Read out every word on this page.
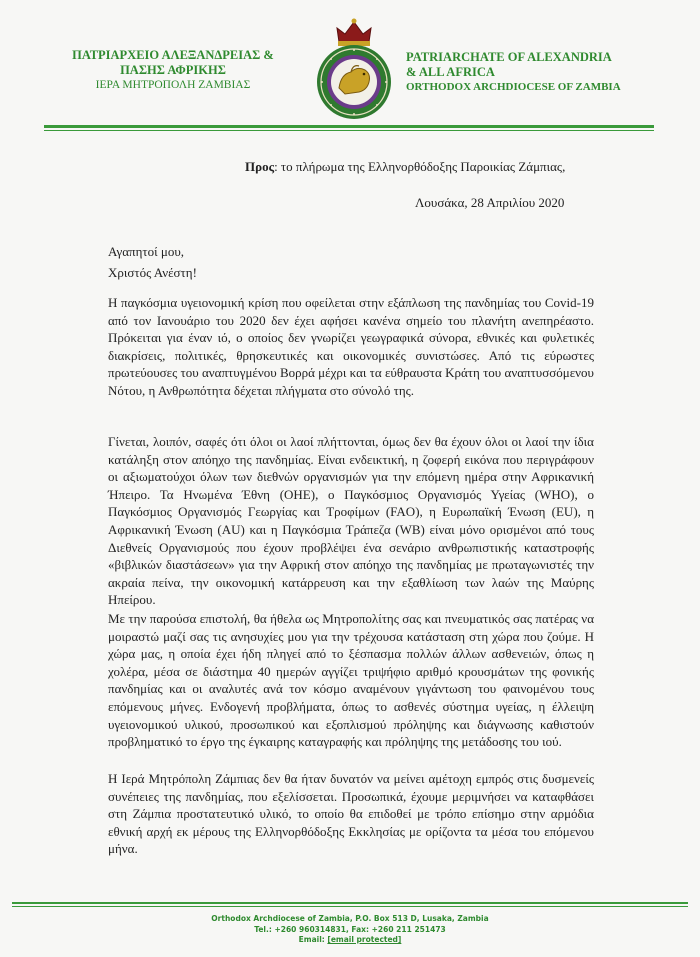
ΠΑΤΡΙΑΡΧΕΙΟ ΑΛΕΞΑΝΔΡΕΙΑΣ &
ΠΑΣΗΣ ΑΦΡΙΚΗΣ
ΙΕΡΑ ΜΗΤΡΟΠΟΛΗ ΖΑΜΒΙΑΣ
PATRIARCHATE OF ALEXANDRIA
& ALL AFRICA
ORTHODOX ARCHDIOCESE OF ZAMBIA
Προς: το πλήρωμα της Ελληνορθόδοξης Παροικίας Ζάμπιας,
Λουσάκα, 28 Απριλίου 2020
Αγαπητοί μου,
Χριστός Ανέστη!
Η παγκόσμια υγειονομική κρίση που οφείλεται στην εξάπλωση της πανδημίας του Covid-19 από τον Ιανουάριο του 2020 δεν έχει αφήσει κανένα σημείο του πλανήτη ανεπηρέαστο. Πρόκειται για έναν ιό, ο οποίος δεν γνωρίζει γεωγραφικά σύνορα, εθνικές και φυλετικές διακρίσεις, πολιτικές, θρησκευτικές και οικονομικές συνιστώσες. Από τις εύρωστες πρωτεύουσες του αναπτυγμένου Βορρά μέχρι και τα εύθραυστα Κράτη του αναπτυσσόμενου Νότου, η Ανθρωπότητα δέχεται πλήγματα στο σύνολό της.
Γίνεται, λοιπόν, σαφές ότι όλοι οι λαοί πλήττονται, όμως δεν θα έχουν όλοι οι λαοί την ίδια κατάληξη στον απόηχο της πανδημίας. Είναι ενδεικτική, η ζοφερή εικόνα που περιγράφουν οι αξιωματούχοι όλων των διεθνών οργανισμών για την επόμενη ημέρα στην Αφρικανική Ήπειρο. Τα Ηνωμένα Έθνη (ΟΗΕ), ο Παγκόσμιος Οργανισμός Υγείας (WHO), ο Παγκόσμιος Οργανισμός Γεωργίας και Τροφίμων (FAO), η Ευρωπαϊκή Ένωση (EU), η Αφρικανική Ένωση (AU) και η Παγκόσμια Τράπεζα (WB) είναι μόνο ορισμένοι από τους Διεθνείς Οργανισμούς που έχουν προβλέψει ένα σενάριο ανθρωπιστικής καταστροφής «βιβλικών διαστάσεων» για την Αφρική στον απόηχο της πανδημίας με πρωταγωνιστές την ακραία πείνα, την οικονομική κατάρρευση και την εξαθλίωση των λαών της Μαύρης Ηπείρου.
Με την παρούσα επιστολή, θα ήθελα ως Μητροπολίτης σας και πνευματικός σας πατέρας να μοιραστώ μαζί σας τις ανησυχίες μου για την τρέχουσα κατάσταση στη χώρα που ζούμε. Η χώρα μας, η οποία έχει ήδη πληγεί από το ξέσπασμα πολλών άλλων ασθενειών, όπως η χολέρα, μέσα σε διάστημα 40 ημερών αγγίζει τριψήφιο αριθμό κρουσμάτων της φονικής πανδημίας και οι αναλυτές ανά τον κόσμο αναμένουν γιγάντωση του φαινομένου τους επόμενους μήνες. Ενδογενή προβλήματα, όπως το ασθενές σύστημα υγείας, η έλλειψη υγειονομικού υλικού, προσωπικού και εξοπλισμού πρόληψης και διάγνωσης καθιστούν προβληματικό το έργο της έγκαιρης καταγραφής και πρόληψης της μετάδοσης του ιού.
Η Ιερά Μητρόπολη Ζάμπιας δεν θα ήταν δυνατόν να μείνει αμέτοχη εμπρός στις δυσμενείς συνέπειες της πανδημίας, που εξελίσσεται. Προσωπικά, έχουμε μεριμνήσει να καταφθάσει στη Ζάμπια προστατευτικό υλικό, το οποίο θα επιδοθεί με τρόπο επίσημο στην αρμόδια εθνική αρχή εκ μέρους της Ελληνορθόδοξης Εκκλησίας με ορίζοντα τα μέσα του επόμενου μήνα.
Orthodox Archdiocese of Zambia, P.O. Box 513 D, Lusaka, Zambia
Tel.: +260 960314831, Fax: +260 211 251473
Email: [email protected]
